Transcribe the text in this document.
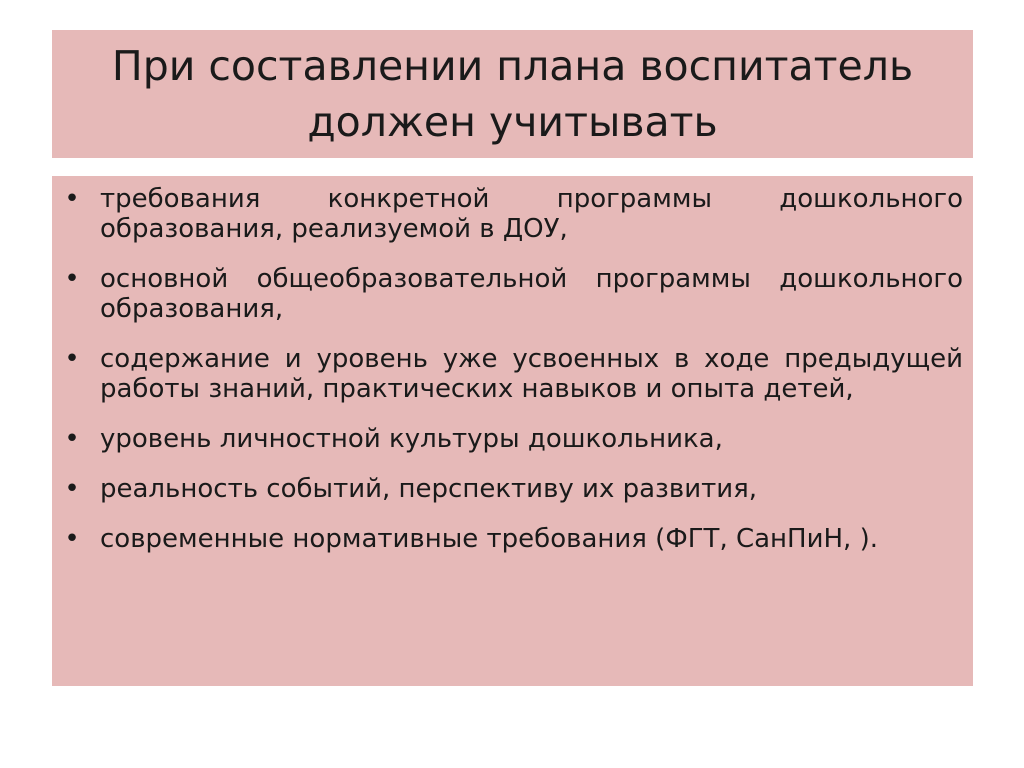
При составлении плана воспитатель должен учитывать
• требования конкретной программы дошкольного образования, реализуемой в ДОУ,
• основной общеобразовательной программы дошкольного образования,
• содержание и уровень уже усвоенных в ходе предыдущей работы знаний, практических навыков и опыта детей,
• уровень личностной культуры дошкольника,
• реальность событий, перспективу их развития,
• современные нормативные требования (ФГТ, СанПиН, ).
